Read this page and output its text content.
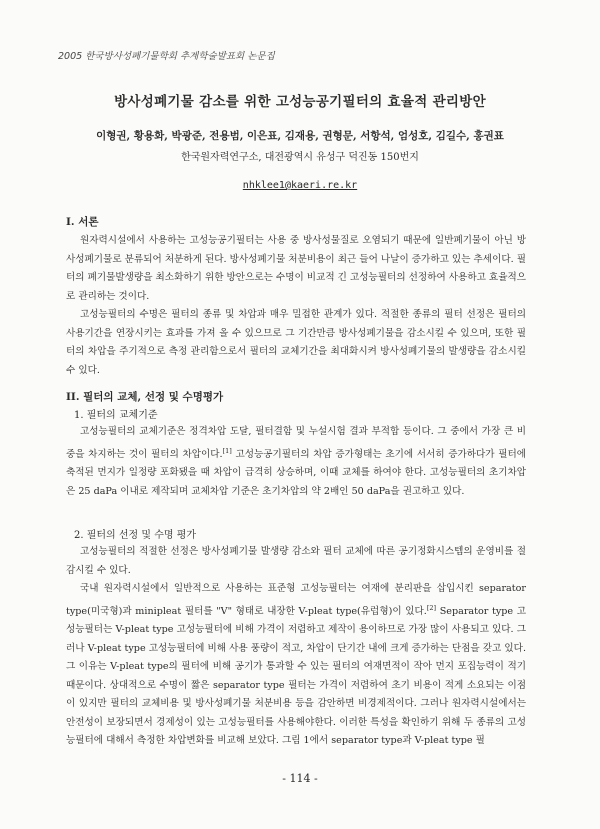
2005 한국방사성폐기물학회 추계학술발표회 논문집
방사성폐기물 감소를 위한 고성능공기필터의 효율적 관리방안
이형권, 황용화, 박광준, 전용범, 이은표, 김재용, 권형문, 서항석, 엄성호, 김길수, 홍권표
한국원자력연구소, 대전광역시 유성구 덕진동 150번지
nhklee1@kaeri.re.kr
I. 서론

원자력시설에서 사용하는 고성능공기필터는 사용 중 방사성물질로 오염되기 때문에 일반폐기물이 아닌 방사성폐기물로 분류되어 처분하게 된다. 방사성폐기물 처분비용이 최근 들어 나날이 증가하고 있는 추세이다. 필터의 폐기물발생량을 최소화하기 위한 방안으로는 수명이 비교적 긴 고성능필터의 선정하여 사용하고 효율적으로 관리하는 것이다.

고성능필터의 수명은 필터의 종류 및 차압과 매우 밀접한 관계가 있다. 적절한 종류의 필터 선정은 필터의 사용기간을 연장시키는 효과를 가져 올 수 있으므로 그 기간만큼 방사성폐기물을 감소시킬 수 있으며, 또한 필터의 차압을 주기적으로 측정 관리함으로서 필터의 교체기간을 최대화시켜 방사성폐기물의 발생량을 감소시킬 수 있다.

II. 필터의 교체, 선정 및 수명평가
1. 필터의 교체기준

고성능필터의 교체기준은 정격차압 도달, 필터결함 및 누설시험 결과 부적합 등이다. 그 중에서 가장 큰 비중을 차지하는 것이 필터의 차압이다.[1] 고성능공기필터의 차압 증가형태는 초기에 서서히 증가하다가 필터에 축적된 먼지가 일정량 포화됐을 때 차압이 급격히 상승하며, 이때 교체를 하여야 한다. 고성능필터의 초기차압은 25 daPa 이내로 제작되며 교체차압 기준은 초기차압의 약 2배인 50 daPa을 권고하고 있다.

2. 필터의 선정 및 수명 평가

고성능필터의 적절한 선정은 방사성폐기물 발생량 감소와 필터 교체에 따른 공기정화시스템의 운영비를 절감시킬 수 있다.

국내 원자력시설에서 일반적으로 사용하는 표준형 고성능필터는 여재에 분리판을 삽입시킨 separator type(미국형)과 minipleat 필터를 "V" 형태로 내장한 V-pleat type(유럽형)이 있다.[2] Separator type 고성능필터는 V-pleat type 고성능필터에 비해 가격이 저렴하고 제작이 용이하므로 가장 많이 사용되고 있다. 그러나 V-pleat type 고성능필터에 비해 사용 풍량이 적고, 차압이 단기간 내에 크게 증가하는 단점을 갖고 있다. 그 이유는 V-pleat type의 필터에 비해 공기가 통과할 수 있는 필터의 여재면적이 작아 먼지 포집능력이 적기 때문이다. 상대적으로 수명이 짧은 separator type 필터는 가격이 저렴하여 초기 비용이 적게 소요되는 이점이 있지만 필터의 교체비용 및 방사성폐기물 처분비용 등을 감안하면 비경제적이다. 그러나 원자력시설에서는 안전성이 보장되면서 경제성이 있는 고성능필터를 사용해야한다. 이러한 특성을 확인하기 위해 두 종류의 고성능필터에 대해서 측정한 차압변화를 비교해 보았다. 그림 1에서 separator type과 V-pleat type 필

- 114 -
